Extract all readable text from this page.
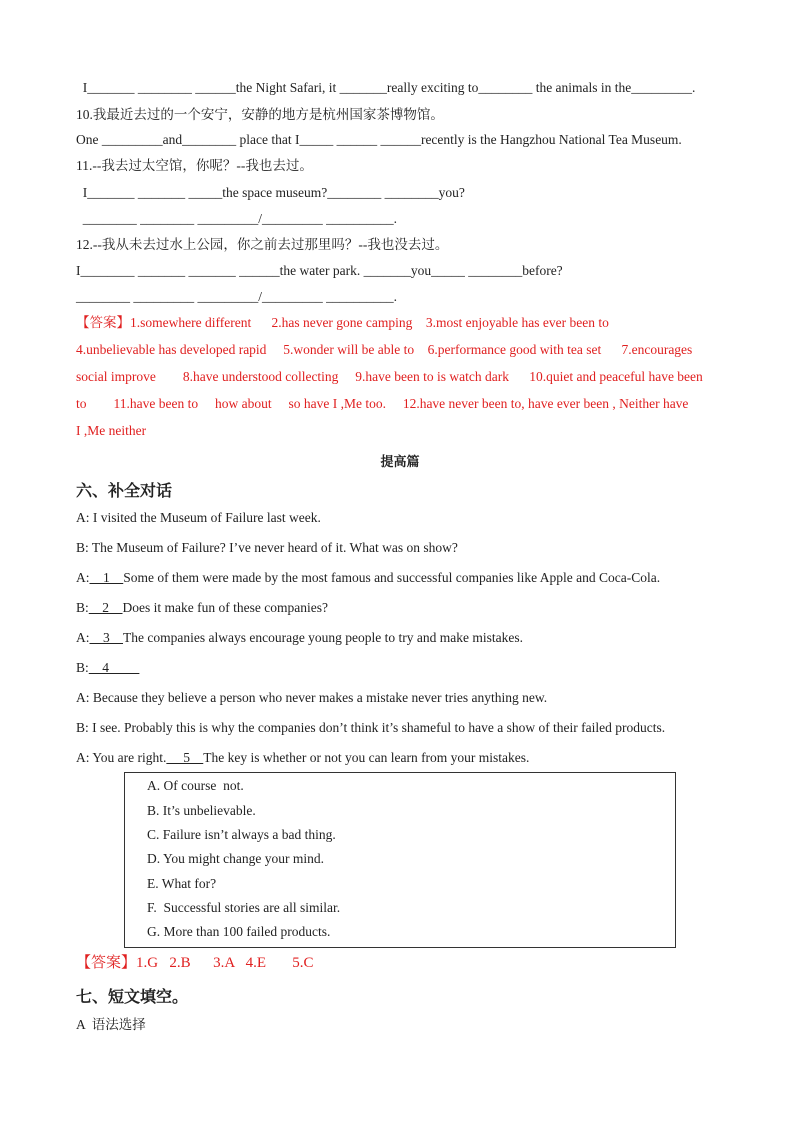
I_______ ________ ______the Night Safari, it _______really exciting to________ the animals in the_________.
10.我最近去过的一个安宁，安静的地方是杭州国家茶博物馆。
One _________and________ place that I_____ ______ ______recently is the Hangzhou National Tea Museum.
11.--我去过太空馆，你呢？--我也去过。
I_______ _______ _____the space museum?________ ________you?
________ ________ _________/_________ __________.
12.--我从未去过水上公园，你之前去过那里吗？--我也没去过。
I________ _______ _______ ______the water park. _______you_____ ________before?
________ _________ _________/_________ __________.
【答案】1.somewhere different      2.has never gone camping    3.most enjoyable has ever been to
4.unbelievable has developed rapid     5.wonder will be able to    6.performance good with tea set      7.encourages
social improve        8.have understood collecting     9.have been to is watch dark      10.quiet and peaceful have been
to        11.have been to     how about     so have I ,Me too.     12.have never been to, have ever been , Neither have
I ,Me neither
提高篇
六、补全对话
A: I visited the Museum of Failure last week.
B: The Museum of Failure? I’ve never heard of it. What was on show?
A:    1    Some of them were made by the most famous and successful companies like Apple and Coca-Cola.
B:    2    Does it make fun of these companies?
A:    3    The companies always encourage young people to try and make mistakes.
B:    4
A: Because they believe a person who never makes a mistake never tries anything new.
B: I see. Probably this is why the companies don’t think it’s shameful to have a show of their failed products.
A: You are right.     5    The key is whether or not you can learn from your mistakes.
A. Of course  not.
B. It’s unbelievable.
C. Failure isn’t always a bad thing.
D. You might change your mind.
E. What for?
F.  Successful stories are all similar.
G. More than 100 failed products.
【答案】1.G   2.B      3.A   4.E       5.C
七、短文填空。
A  语法选择
